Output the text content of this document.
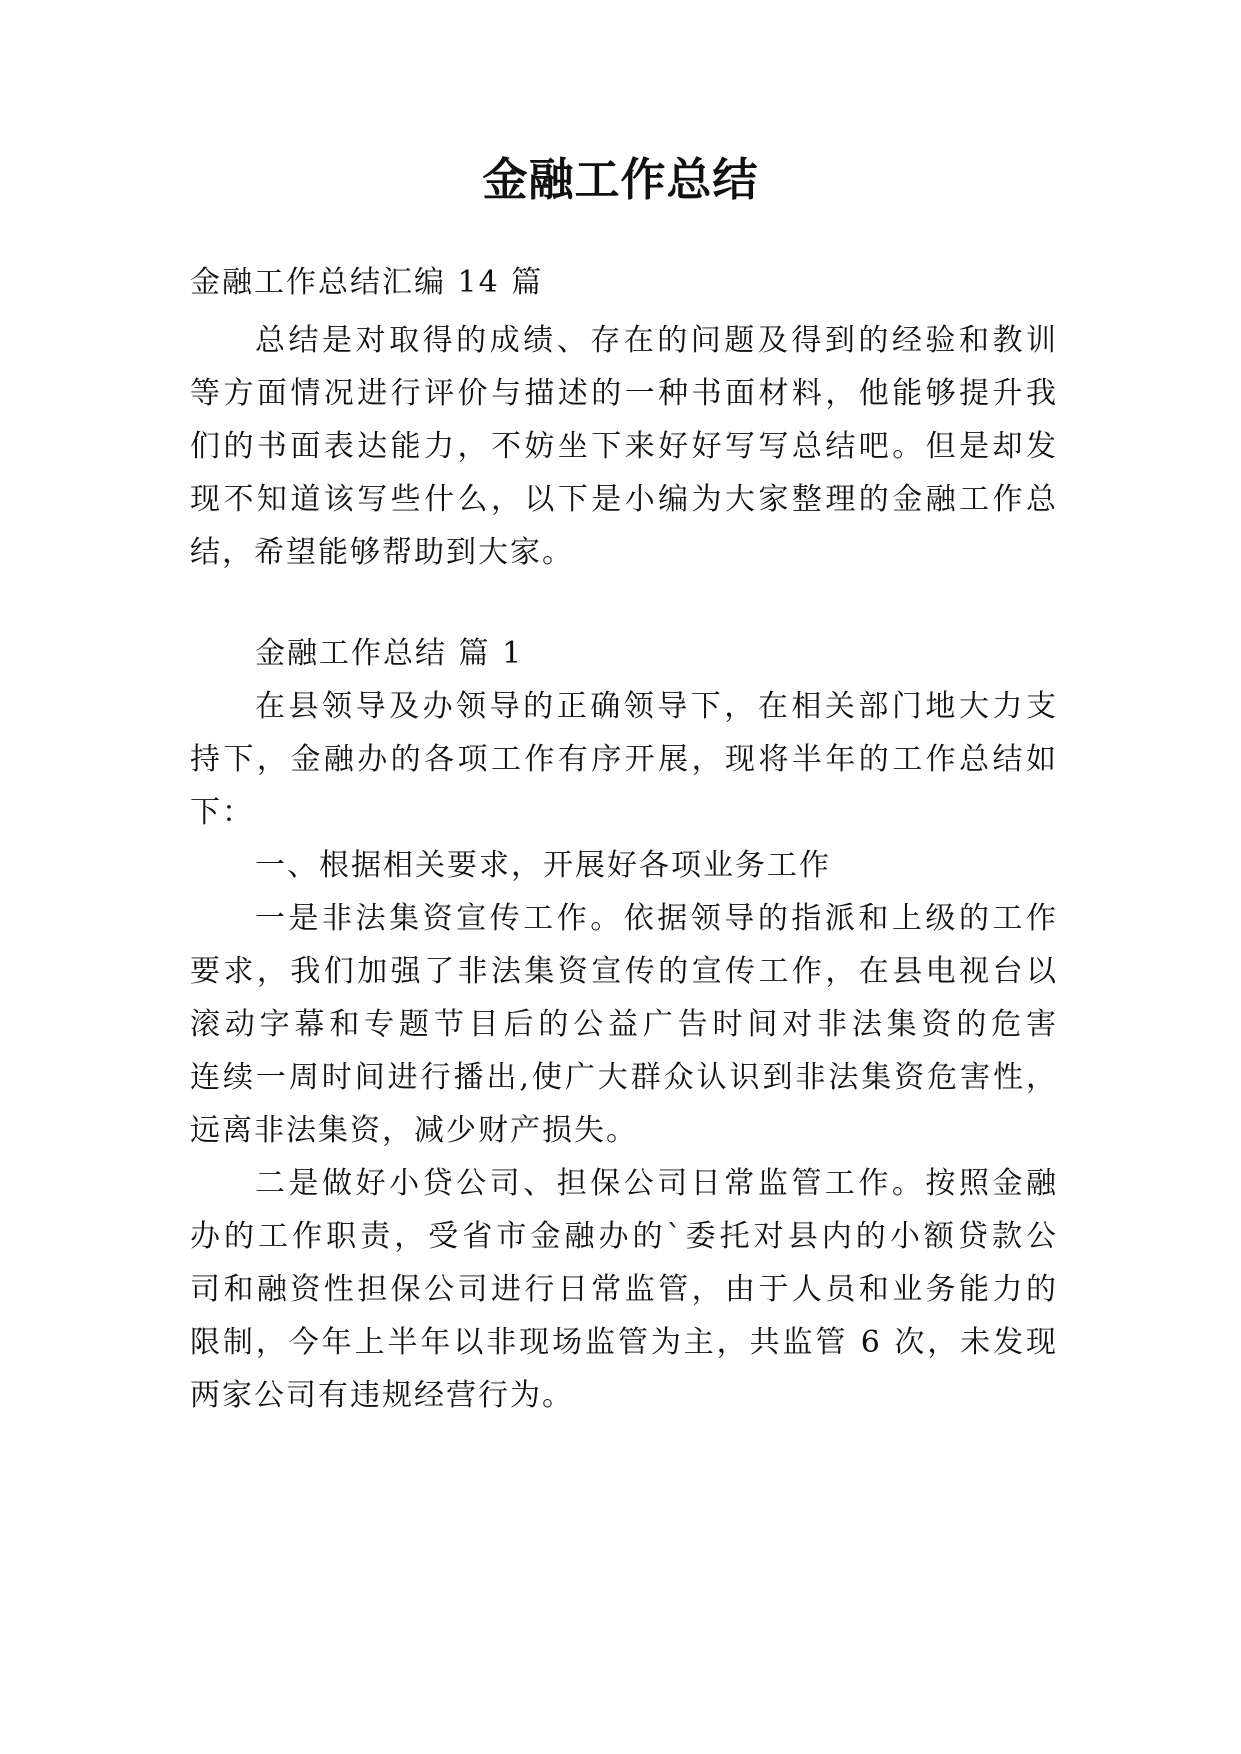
金融工作总结
金融工作总结汇编 14 篇
总结是对取得的成绩、存在的问题及得到的经验和教训
等方面情况进行评价与描述的一种书面材料，他能够提升我
们的书面表达能力，不妨坐下来好好写写总结吧。但是却发
现不知道该写些什么，以下是小编为大家整理的金融工作总
结，希望能够帮助到大家。
金融工作总结 篇 1
在县领导及办领导的正确领导下，在相关部门地大力支
持下，金融办的各项工作有序开展，现将半年的工作总结如
下：
一、根据相关要求，开展好各项业务工作
一是非法集资宣传工作。依据领导的指派和上级的工作
要求，我们加强了非法集资宣传的宣传工作，在县电视台以
滚动字幕和专题节目后的公益广告时间对非法集资的危害
连续一周时间进行播出,使广大群众认识到非法集资危害性，
远离非法集资，减少财产损失。
二是做好小贷公司、担保公司日常监管工作。按照金融
办的工作职责，受省市金融办的`委托对县内的小额贷款公
司和融资性担保公司进行日常监管，由于人员和业务能力的
限制，今年上半年以非现场监管为主，共监管 6 次，未发现
两家公司有违规经营行为。
